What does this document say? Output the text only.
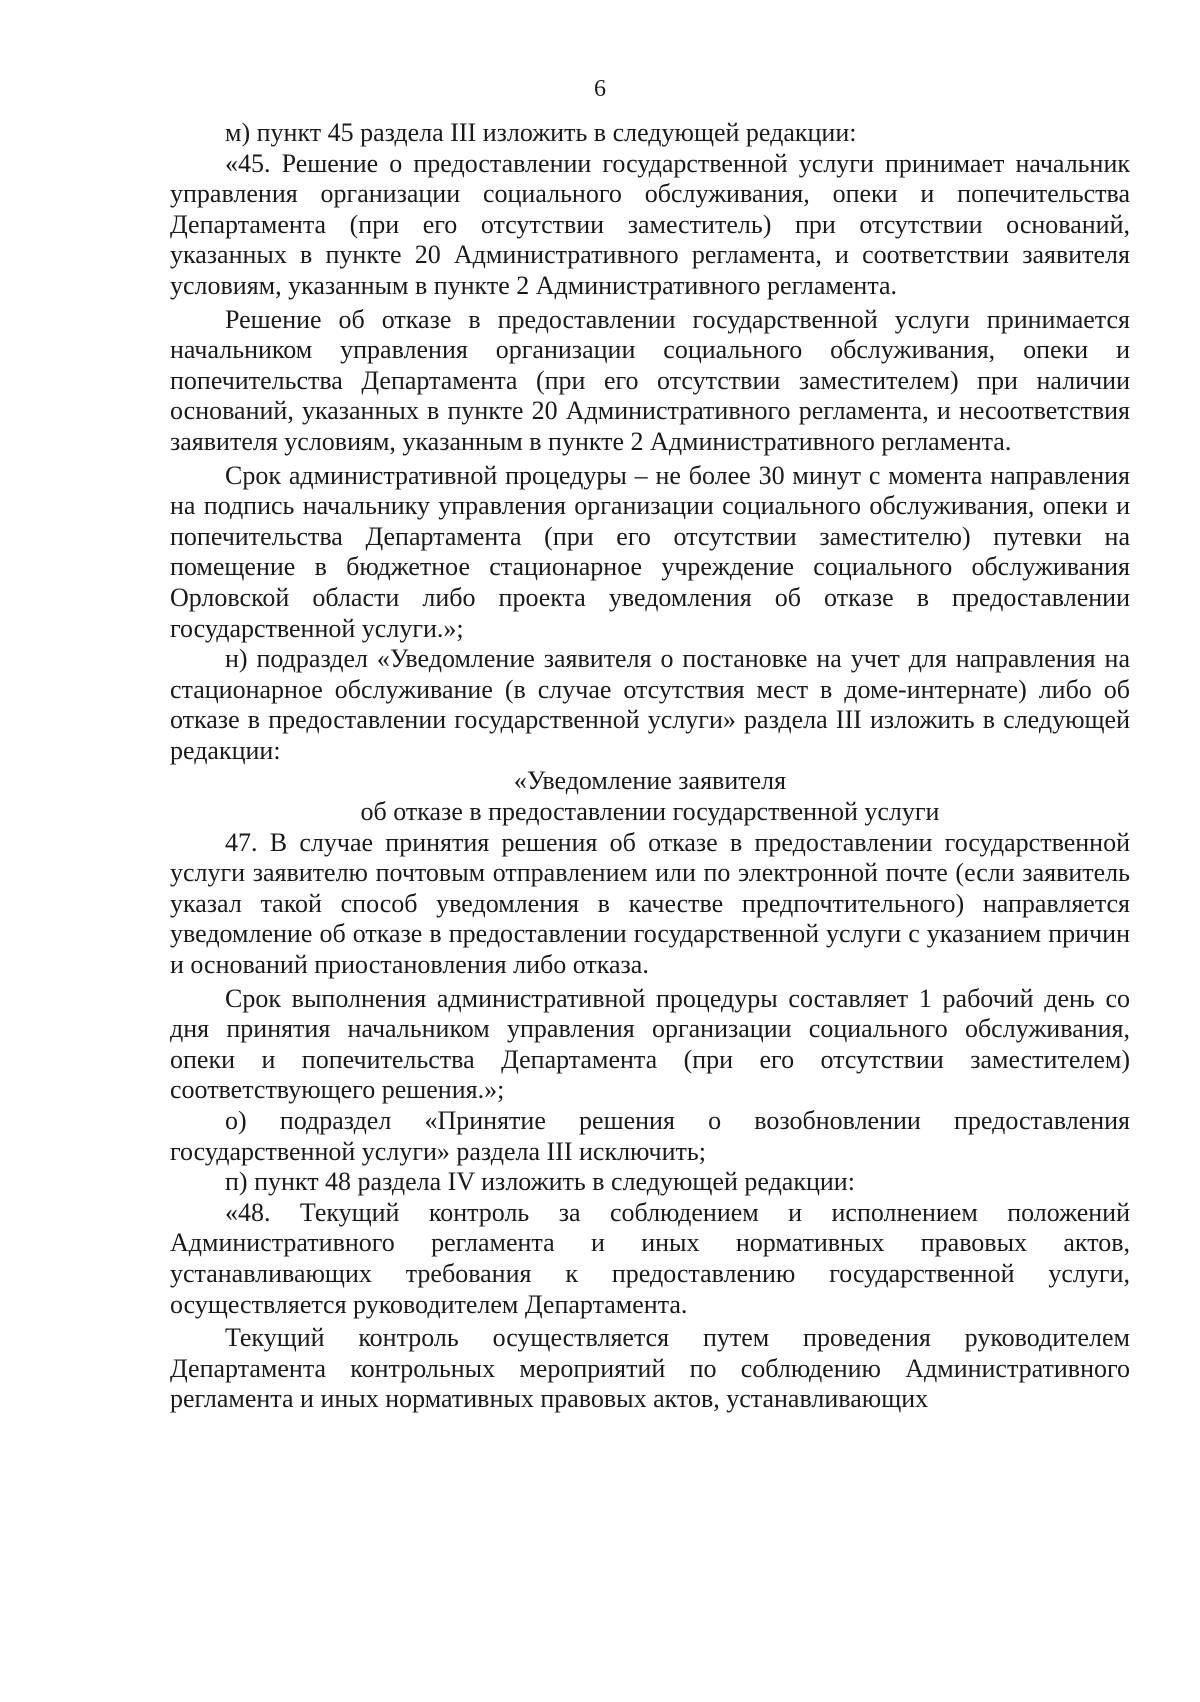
6

м) пункт 45 раздела III изложить в следующей редакции:

«45. Решение о предоставлении государственной услуги принимает начальник управления организации социального обслуживания, опеки и попечительства Департамента (при его отсутствии заместитель) при отсутствии оснований, указанных в пункте 20 Административного регламента, и соответствии заявителя условиям, указанным в пункте 2 Административного регламента.

Решение об отказе в предоставлении государственной услуги принимается начальником управления организации социального обслуживания, опеки и попечительства Департамента (при его отсутствии заместителем) при наличии оснований, указанных в пункте 20 Административного регламента, и несоответствия заявителя условиям, указанным в пункте 2 Административного регламента.

Срок административной процедуры – не более 30 минут с момента направления на подпись начальнику управления организации социального обслуживания, опеки и попечительства Департамента (при его отсутствии заместителю) путевки на помещение в бюджетное стационарное учреждение социального обслуживания Орловской области либо проекта уведомления об отказе в предоставлении государственной услуги.»;

н) подраздел «Уведомление заявителя о постановке на учет для направления на стационарное обслуживание (в случае отсутствия мест в доме-интернате) либо об отказе в предоставлении государственной услуги» раздела III изложить в следующей редакции:

«Уведомление заявителя

об отказе в предоставлении государственной услуги

47. В случае принятия решения об отказе в предоставлении государственной услуги заявителю почтовым отправлением или по электронной почте (если заявитель указал такой способ уведомления в качестве предпочтительного) направляется уведомление об отказе в предоставлении государственной услуги с указанием причин и оснований приостановления либо отказа.

Срок выполнения административной процедуры составляет 1 рабочий день со дня принятия начальником управления организации социального обслуживания, опеки и попечительства Департамента (при его отсутствии заместителем) соответствующего решения.»;

о) подраздел «Принятие решения о возобновлении предоставления государственной услуги» раздела III исключить;

п) пункт 48 раздела IV изложить в следующей редакции:

«48. Текущий контроль за соблюдением и исполнением положений Административного регламента и иных нормативных правовых актов, устанавливающих требования к предоставлению государственной услуги, осуществляется руководителем Департамента.

Текущий контроль осуществляется путем проведения руководителем Департамента контрольных мероприятий по соблюдению Административного регламента и иных нормативных правовых актов, устанавливающих
